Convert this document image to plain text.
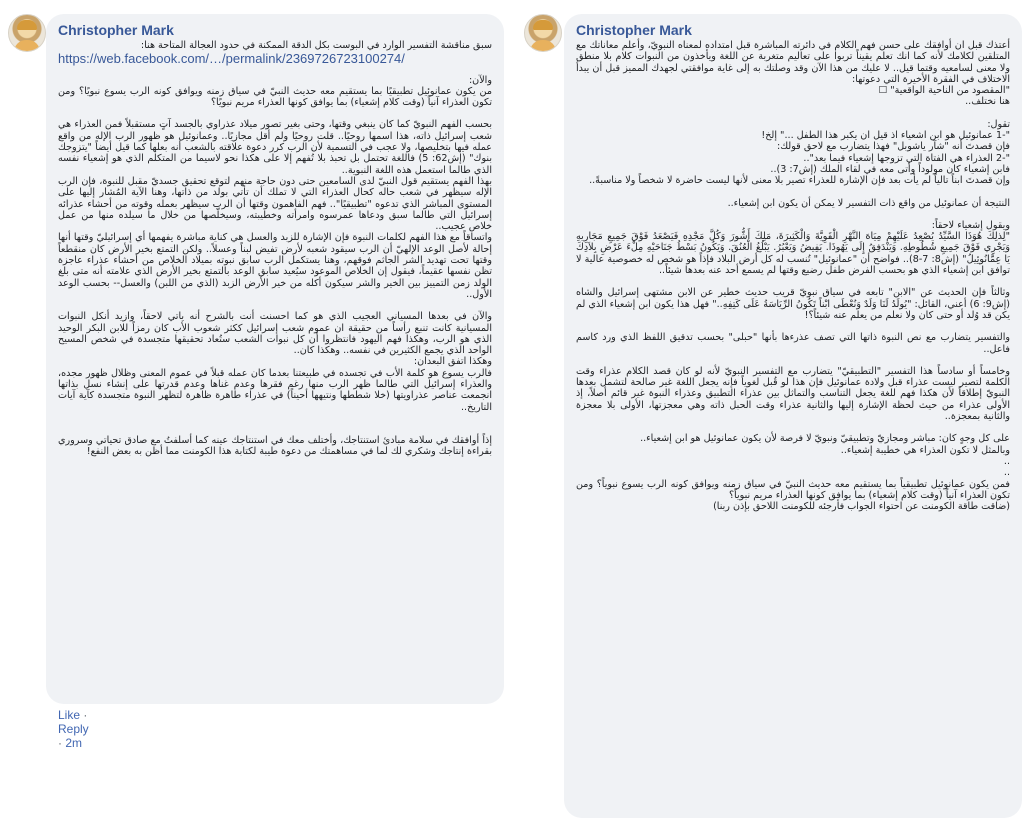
Christopher Mark

سبق مناقشة التفسير الوارد في البوست بكل الدقة الممكنة في حدود العجالة المتاحة هنا:

https://web.facebook.com/…/permalink/2369726723100274/

والآن:

من يكون عمانوئيل تطبيقيًا بما يستقيم معه حديث النبيّ في سياق زمنه ويوافق كونه الرب يسوع نبويًا؟ ومن تكون العذراء آنياً (وقت كلام إشعياء) بما يوافق كونها العذراء مريم نبويًا؟

بحسب الفهم النبويّ كما كان ينبغي وقتها، وحتى بغير تصور ميلاد عذراوي بالجسد آتٍ مستقبلاً فمن العذراء هي شعب إسرائيل ذاته، هذا اسمها روحيًا.. قلت روحيًا ولم أقل مجازيًا.. وعمانوئيل هو ظهور الرب الإله من واقع عمله فيها بتخليصها، ولا عجب في التسمية لأن الرب كرر دعوة علاقته بالشعب أنه بعلها كما قيل أيضاً "يتزوجك بنوك" (إش62: 5) فاللغة تحتمل بل تحبذ بلا تُفهم إلا على هكذا نحو لاسيما من المتكلم الذي هو إشعياء نفسه الذي طالما استعمل هذه اللغة النبوية..

بهذا الفهم يستقيم قول النبيّ لدى السامعين حتى دون حاجة منهم لتوقع تحقيق جسديّ مقبل للنبوة، فإن الرب الإله سيظهر في شعب حاله كحال العذراء التي لا تملك أن تأتي بولد من ذاتها، وهنا الآية المُشار إليها على المستوى المباشر الذي تدعوه "تطبيقيًا".. فهم الفاهمون وقتها أن الرب سيظهر بعمله وقوته من أحشاء عذرائه إسرائيل التي طالما سبق ودعاها عمرسوه وامرأته وخطيبته، وسيخلّصها من خلال ما سيلده منها من عمل خلاص عجيب..

واتساقاً مع هذا الفهم لكلمات النبوة فإن الإشارة للزبد والعسل هي كناية مباشرة يفهمها أي إسرائيليّ وقتها أنها إحالة لأصل الوعد الإلهيّ أن الرب سيقود شعبه لأرض تفيض لبناً وعسلاً.. ولكن التمتع بخير الأرض كان منقطعاً وقتها تحت تهديد الشر الجاثم فوقهم، وهنا يستكمل الرب سابق نبوته بميلاد الخلاص من أحشاء عذراء عاجزة تظن نفسها عقيماً، فيقول إن الخلاص الموعود سيُعيد سابق الوعد بالتمتع بخير الأرض الذي علامته أنه متى بلغ الولد زمن التمييز بين الخير والشر سيكون أكله من خير الأرض الزبد (الذي من اللبن) والعسل-- بحسب الوعد الأول..

والآن في بعدها المسياني العجيب الذي هو كما احسنت أنت بالشرح أنه ياتي لاحقاً، وازيد أنكل النبوات المسيانية كانت تنبع رأساً من حقيقة ان عموم شعب إسرائيل ككثر شعوب الأب كان رمزاً للابن البكر الوحيد الذي هو الرب، وهكذا فهم اليهود فانتظروا أن كل نبوات الشعب ستُعاد تحقيقها متجسدة في شخص المسيح الواحد الذي يجمع الكثيرين في نفسه.. وهكذا كان..

وهكذا اتفق البعدان:

فالرب يسوع هو كلمة الأب في تجسده في طبيعتنا بعدما كان عمله قبلاً في عموم المعنى وظلال ظهور مجده، والعذراء إسرائيل التي طالما ظهر الرب منها رغم فقرها وعدم غناها وعدم قدرتها على إنشاء نسل بذاتها انجمعت عناصر عذراويتها (خلا شططها ونتيهها أحيناً) في عذراء طاهرة ظاهرة لتظهر النبوة متجسدة كآية آيات التاريخ..

إذاً أوافقك في سلامة مبادئ استنتاجك، وأختلف معك في استنتاجك عينه كما أسلفتُ مع صادق تحياتي وسروري بقراءة إنتاجك وشكري لك لما في مساهمتك من دعوة طيبة لكتابة هذا الكومنت مما أظن به بعض النفع!

Like · Reply · 2m
Christopher Mark

أعتذك قبل ان أوافقك على حسن فهم الكلام في دائرته المباشرة قبل امتداده لمعناه النبويّ، وأعلم معاناتك مع المتلقين لكلامك لأنه كما انك تعلم يقيناً تربوا على تعاليم متغربة عن اللغة ويأخذون من النبوات كلام بلا منطق ولا معنى لسامعيه وقتما قيل.. لا عليك من هذا الآن وقد وصلتك به إلى غاية موافقتي لجهدك المميز قبل أن يبدأ الاختلاف في الفقرة الأخيرة التي دعوتها:

"المقصود من الناحية الواقعية" ☐

هنا نختلف..

تقول:

"-1 عمانوئيل هو ابن اشعياء اذ قيل ان يكبر هذا الطفل ..." إلخ!

فإن قصدتَ أنه "شآر ياشوبل" فهذا يتضارب مع لاحق قولك:

"-2 العذراء هي الفتاة التي تزوجها إشعياء فيما بعد"..

فابن إشعياء كان مولوداً وأتى معه في لقاء الملك (إش7: 3)..

وإن قصدتَ ابناً تالياً لم يأت بعد فإن الإشارة للعذراء تصير بلا معنى لأنها ليست حاضرة لا شخصاً ولا مناسبةً..

النتيجة أن عمانوئيل من واقع ذات التفسير لا يمكن أن يكون ابن إشعياء..

ويقول إشعياء لاحقاً:

"لِذلِكَ هُوَذَا السَّيِّدُ يُصْعِدُ عَلَيْهِمْ مِيَاهَ النَّهْرِ الْقَوِيَّةَ وَالْكَثِيرَةَ، مَلِكَ أَشُّورَ وَكُلَّ مَجْدِهِ فَيَصْعَدُ فَوْقَ جَمِيعِ مَجَارِيهِ وَيَجْرِي فَوْقَ جَمِيعِ شُطُوطِهِ. وَيَنْدَفِقُ إِلَى يَهُوذَا. يَفِيضُ وَيَعْبُرُ. يَبْلُغُ الْعُنُقَ. وَيَكُونُ بَسْطُ جَنَاحَيْهِ مِلْءَ عَرْضِ بِلاَدِكَ يَا عِمَّانُوئِيلُ" (إش8: 7-8).. فواضح أن "عمانوئيل" تُنسب له كل أرض البلاد فإذاً هو شخص له خصوصية عالية لا توافق ابن إشعياء الذي هو بحسب الفرض طفل رضيع وقتها لم يسمع أحد عنه بعدها شيئاً..

وثالثاً فإن الحديث عن "الابن" تابعه في سياق نبويّ قريب حديث خطير عن الابن مشتهى إسرائيل والشاه (إش9: 6) أعني، القائل: "يُولَدُ لَنَا وَلَدٌ وَنُعْطَى ابْناً تَكُونُ الرِّيَاسَةُ عَلَى كَتِفِهِ.." فهل هذا يكون ابن إشعياء الذي لم يكن قد وُلد أو حتى كان ولا نعلم من يعلم عنه شيئاً؟!

والتفسير يتضارب مع نص النبوة ذاتها التي تصف عذرءها بأنها "حبلى" بحسب تدقيق اللفظ الذي ورد كاسم فاعل..

وخامساً أو سادساً هذا التفسير "التطبيقيّ" يتضارب مع التفسير النبويّ لأنه لو كان قصد الكلام عذراء وقت الكلمة لتصير ليست عذراء قبل ولادة عمانوئيل فإن هذا لو قُبل لغوياً فإنه يجعل اللغة غير صالحة لتشمل بعدها النبويّ إطلاقاً لأن هكذا فهم للغة يجعل التناسب والتماثل بين عذراء التطبيق وعذراء النبوة غير قائم أصلاً، إذ الأولى عذراء من حيث لحظة الإشارة إليها والثانية عذراء وقت الحبل ذاته وهي معجزتها، الأولى بلا معجزة والثانية بمعجزة..

على كل وجهٍ كان: مباشر ومجازيّ وتطبيقيّ ونبويّ لا فرصة لأن يكون عمانوئيل هو ابن إشعياء..

وبالمثل لا تكون العذراء هي خطيبة إشعياء..

..

..

فمن يكون عمانوئيل تطبيقياً بما يستقيم معه حديث النبيّ في سياق زمنه ويوافق كونه الرب يسوع نبوياً؟ ومن تكون العذراء آنياً (وقت كلام إشعياء) بما يوافق كونها العذراء مريم نبوياً؟

(ضاقت طاقة الكومنت عن احتواء الجواب فأرجئه للكومنت اللاحق بإذن ربنا)
